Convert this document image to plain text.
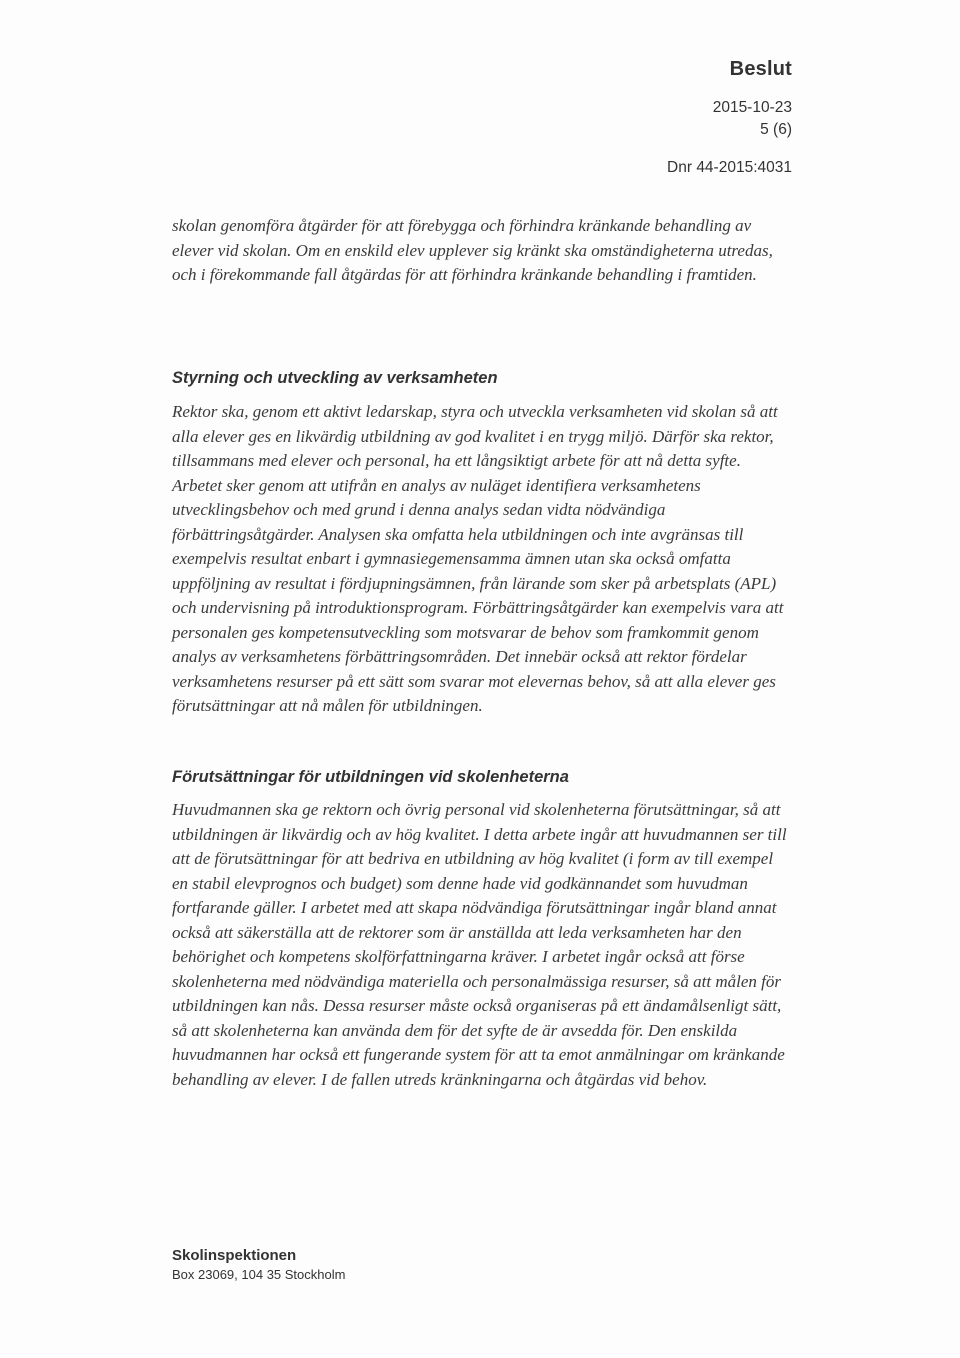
Beslut
2015-10-23
5 (6)
Dnr 44-2015:4031

skolan genomföra åtgärder för att förebygga och förhindra kränkande behandling av elever vid skolan. Om en enskild elev upplever sig kränkt ska omständigheterna utredas, och i förekommande fall åtgärdas för att förhindra kränkande behandling i framtiden.

Styrning och utveckling av verksamheten

Rektor ska, genom ett aktivt ledarskap, styra och utveckla verksamheten vid skolan så att alla elever ges en likvärdig utbildning av god kvalitet i en trygg miljö. Därför ska rektor, tillsammans med elever och personal, ha ett långsiktigt arbete för att nå detta syfte. Arbetet sker genom att utifrån en analys av nuläget identifiera verksamhetens utvecklingsbehov och med grund i denna analys sedan vidta nödvändiga förbättringsåtgärder. Analysen ska omfatta hela utbildningen och inte avgränsas till exempelvis resultat enbart i gymnasiegemensamma ämnen utan ska också omfatta uppföljning av resultat i fördjupningsämnen, från lärande som sker på arbetsplats (APL) och undervisning på introduktionsprogram. Förbättringsåtgärder kan exempelvis vara att personalen ges kompetensutveckling som motsvarar de behov som framkommit genom analys av verksamhetens förbättringsområden. Det innebär också att rektor fördelar verksamhetens resurser på ett sätt som svarar mot elevernas behov, så att alla elever ges förutsättningar att nå målen för utbildningen.

Förutsättningar för utbildningen vid skolenheterna

Huvudmannen ska ge rektorn och övrig personal vid skolenheterna förutsättningar, så att utbildningen är likvärdig och av hög kvalitet. I detta arbete ingår att huvudmannen ser till att de förutsättningar för att bedriva en utbildning av hög kvalitet (i form av till exempel en stabil elevprognos och budget) som denne hade vid godkännandet som huvudman fortfarande gäller. I arbetet med att skapa nödvändiga förutsättningar ingår bland annat också att säkerställa att de rektorer som är anställda att leda verksamheten har den behörighet och kompetens skolförfattningarna kräver. I arbetet ingår också att förse skolenheterna med nödvändiga materiella och personalmässiga resurser, så att målen för utbildningen kan nås. Dessa resurser måste också organiseras på ett ändamålsenligt sätt, så att skolenheterna kan använda dem för det syfte de är avsedda för. Den enskilda huvudmannen har också ett fungerande system för att ta emot anmälningar om kränkande behandling av elever. I de fallen utreds kränkningarna och åtgärdas vid behov.

Skolinspektionen
Box 23069, 104 35 Stockholm
